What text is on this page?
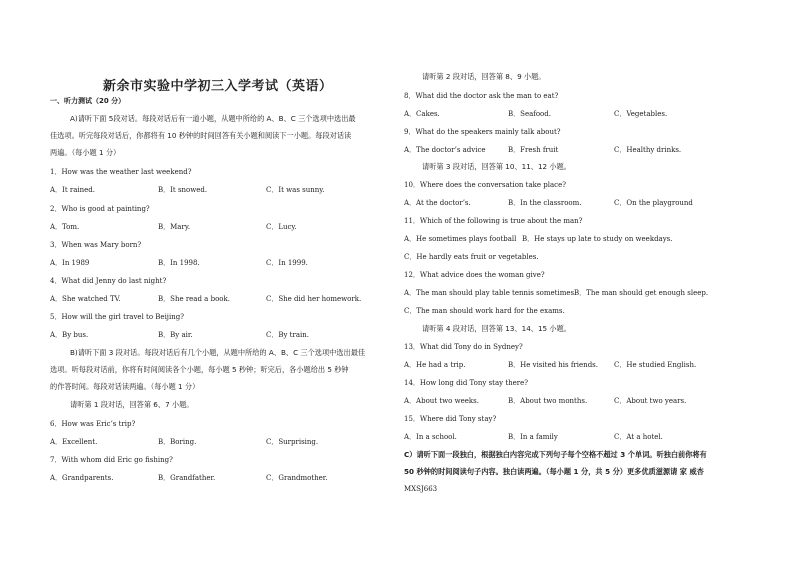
新余市实验中学初三入学考试（英语）
一、听力测试（20 分）
A)请听下面 5段对话。每段对话后有一道小题，从题中所给的 A、B、C 三个选项中选出最
佳选项。听完每段对话后，你都将有 10 秒钟的时间回答有关小题和阅读下一小题。每段对话读
两遍。（每小题 1 分）
1．How was the weather last weekend?
A．It rained.	B．It snowed.	C．It was sunny.
2．Who is good at painting?
A．Tom.	B．Mary.	C．Lucy.
3．When was Mary born?
A．In 1989	B．In 1998.	C．In 1999.
4．What did Jenny do last night?
A．She watched TV.	B．She read a book.	C．She did her homework.
5．How will the girl travel to Beijing?
A．By bus.	B．By air.	C．By train.
B)请听下面 3 段对话。每段对话后有几个小题，从题中所给的 A、B、C 三个选项中选出最佳
选项。听每段对话前，你将有时间阅读各个小题，每小题 5 秒钟；听完后，各小题给出 5 秒钟
的作答时间。每段对话读两遍。（每小题 1 分）
请听第 1 段对话，回答第 6、7 小题。
6．How was Eric’s trip?
A．Excellent.	B．Boring.	C．Surprising.
7．With whom did Eric go fishing?
A．Grandparents.	B．Grandfather.	C．Grandmother.
请听第 2 段对话，回答第 8、9 小题。
8．What did the doctor ask the man to eat?
A．Cakes.	B．Seafood.	C．Vegetables.
9．What do the speakers mainly talk about?
A．The doctor’s advice	B．Fresh fruit	C．Healthy drinks.
请听第 3 段对话，回答第 10、11、12 小题。
10．Where does the conversation take place?
A．At the doctor’s.	B．In the classroom.	C．On the playground
11．Which of the following is true about the man?
A．He sometimes plays football B．He stays up late to study on weekdays.
C．He hardly eats fruit or vegetables.
12．What advice does the woman give?
A．The man should play table tennis sometimes.
B．The man should get enough sleep.
C．The man should work hard for the exams.
请听第 4 段对话，回答第 13、14、15 小题。
13．What did Tony do in Sydney?
A．He had a trip.	B．He visited his friends. C．He studied English.
14．How long did Tony stay there?
A．About two weeks.	B．About two months.	C．About two years.
15．Where did Tony stay?
A．In a school.	B．In a family	C．At a hotel.
C）请听下面一段独白，根据独白内容完成下列句子每个空格不超过 3 个单词。听独白前你将有
50 秒钟的时间阅读句子内容。独白读两遍。（每小题 1 分，共 5 分）更多优质滋源请 家 威杏
MXSJ663
